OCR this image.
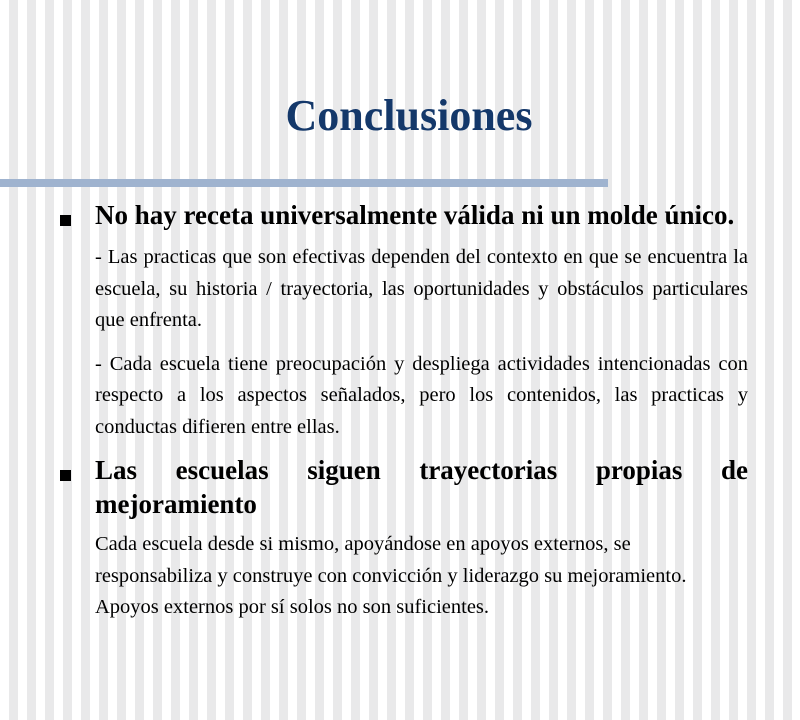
Conclusiones
No hay receta universalmente válida ni un molde único.
- Las practicas que son efectivas dependen del contexto en que se encuentra la escuela, su historia / trayectoria, las oportunidades y obstáculos particulares que enfrenta.
- Cada escuela tiene preocupación y despliega actividades intencionadas con respecto a los aspectos señalados, pero los contenidos, las practicas y conductas difieren entre ellas.
Las escuelas siguen trayectorias propias de mejoramiento
Cada escuela desde si mismo, apoyándose en apoyos externos, se responsabiliza y construye con convicción y liderazgo su mejoramiento. Apoyos externos por sí solos no son suficientes.
